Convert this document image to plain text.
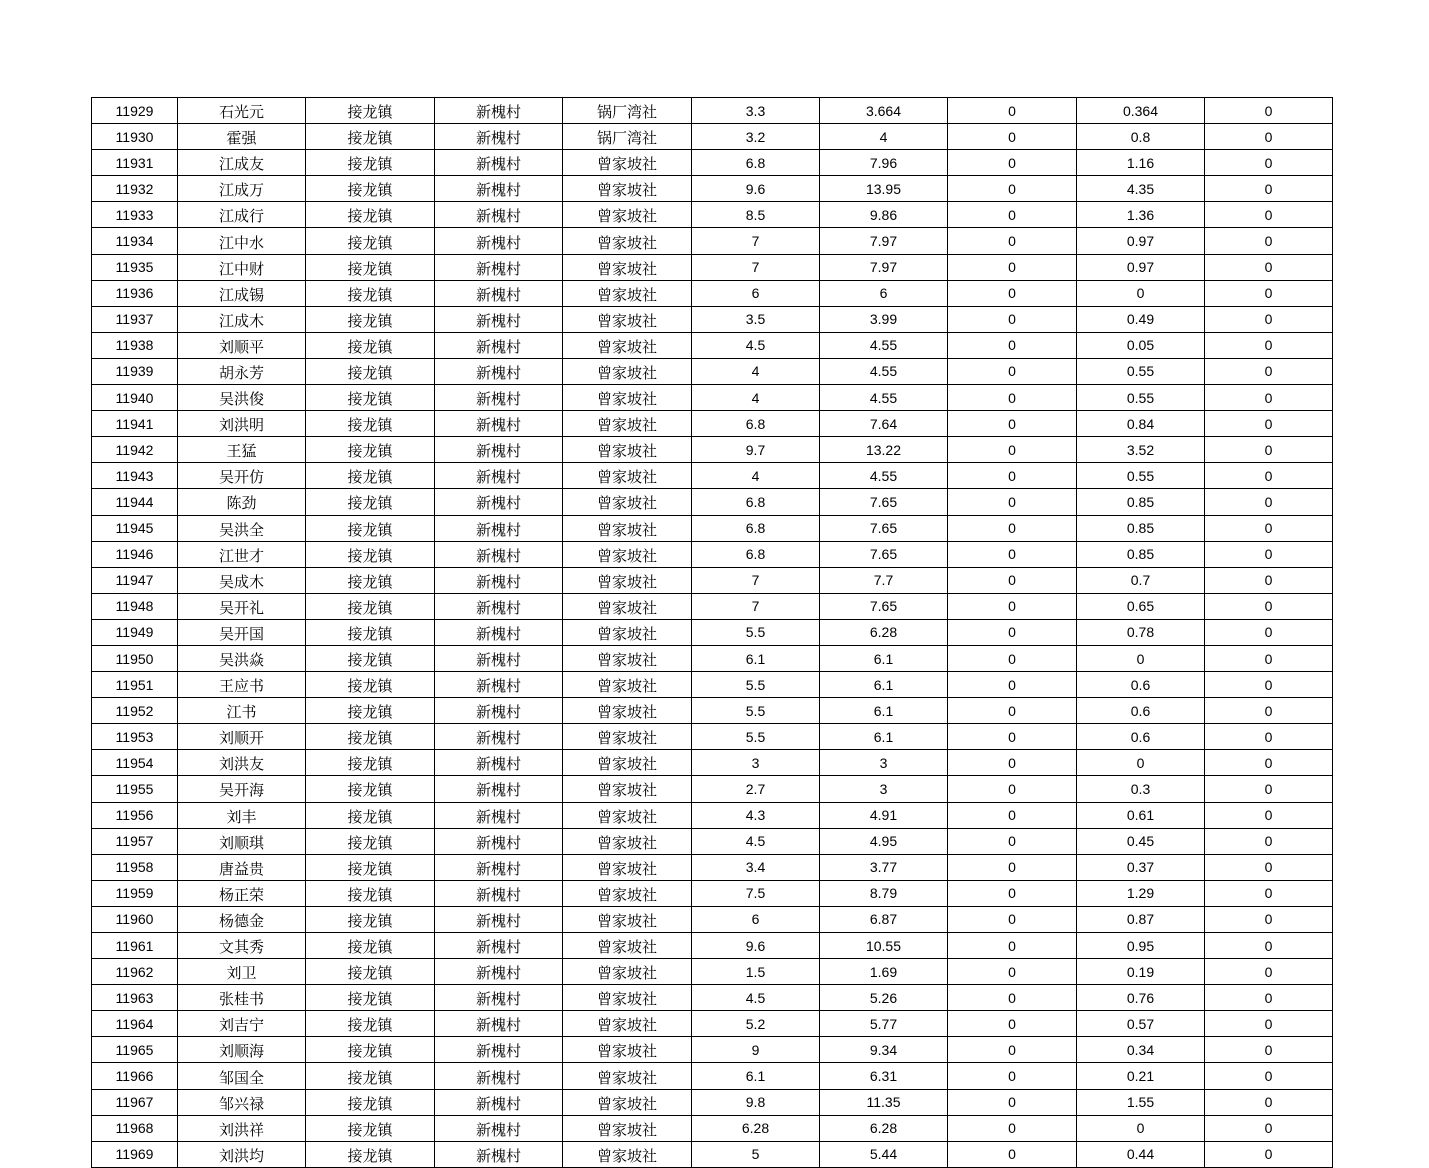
11929	石光元	接龙镇	新槐村	锅厂湾社	3.3	3.664	0	0.364	0
11930	霍强	接龙镇	新槐村	锅厂湾社	3.2	4	0	0.8	0
11931	江成友	接龙镇	新槐村	曾家坡社	6.8	7.96	0	1.16	0
11932	江成万	接龙镇	新槐村	曾家坡社	9.6	13.95	0	4.35	0
11933	江成行	接龙镇	新槐村	曾家坡社	8.5	9.86	0	1.36	0
11934	江中水	接龙镇	新槐村	曾家坡社	7	7.97	0	0.97	0
11935	江中财	接龙镇	新槐村	曾家坡社	7	7.97	0	0.97	0
11936	江成锡	接龙镇	新槐村	曾家坡社	6	6	0	0	0
11937	江成木	接龙镇	新槐村	曾家坡社	3.5	3.99	0	0.49	0
11938	刘顺平	接龙镇	新槐村	曾家坡社	4.5	4.55	0	0.05	0
11939	胡永芳	接龙镇	新槐村	曾家坡社	4	4.55	0	0.55	0
11940	吴洪俊	接龙镇	新槐村	曾家坡社	4	4.55	0	0.55	0
11941	刘洪明	接龙镇	新槐村	曾家坡社	6.8	7.64	0	0.84	0
11942	王猛	接龙镇	新槐村	曾家坡社	9.7	13.22	0	3.52	0
11943	吴开仿	接龙镇	新槐村	曾家坡社	4	4.55	0	0.55	0
11944	陈劲	接龙镇	新槐村	曾家坡社	6.8	7.65	0	0.85	0
11945	吴洪全	接龙镇	新槐村	曾家坡社	6.8	7.65	0	0.85	0
11946	江世才	接龙镇	新槐村	曾家坡社	6.8	7.65	0	0.85	0
11947	吴成木	接龙镇	新槐村	曾家坡社	7	7.7	0	0.7	0
11948	吴开礼	接龙镇	新槐村	曾家坡社	7	7.65	0	0.65	0
11949	吴开国	接龙镇	新槐村	曾家坡社	5.5	6.28	0	0.78	0
11950	吴洪焱	接龙镇	新槐村	曾家坡社	6.1	6.1	0	0	0
11951	王应书	接龙镇	新槐村	曾家坡社	5.5	6.1	0	0.6	0
11952	江书	接龙镇	新槐村	曾家坡社	5.5	6.1	0	0.6	0
11953	刘顺开	接龙镇	新槐村	曾家坡社	5.5	6.1	0	0.6	0
11954	刘洪友	接龙镇	新槐村	曾家坡社	3	3	0	0	0
11955	吴开海	接龙镇	新槐村	曾家坡社	2.7	3	0	0.3	0
11956	刘丰	接龙镇	新槐村	曾家坡社	4.3	4.91	0	0.61	0
11957	刘顺琪	接龙镇	新槐村	曾家坡社	4.5	4.95	0	0.45	0
11958	唐益贵	接龙镇	新槐村	曾家坡社	3.4	3.77	0	0.37	0
11959	杨正荣	接龙镇	新槐村	曾家坡社	7.5	8.79	0	1.29	0
11960	杨德金	接龙镇	新槐村	曾家坡社	6	6.87	0	0.87	0
11961	文其秀	接龙镇	新槐村	曾家坡社	9.6	10.55	0	0.95	0
11962	刘卫	接龙镇	新槐村	曾家坡社	1.5	1.69	0	0.19	0
11963	张桂书	接龙镇	新槐村	曾家坡社	4.5	5.26	0	0.76	0
11964	刘吉宁	接龙镇	新槐村	曾家坡社	5.2	5.77	0	0.57	0
11965	刘顺海	接龙镇	新槐村	曾家坡社	9	9.34	0	0.34	0
11966	邹国全	接龙镇	新槐村	曾家坡社	6.1	6.31	0	0.21	0
11967	邹兴禄	接龙镇	新槐村	曾家坡社	9.8	11.35	0	1.55	0
11968	刘洪祥	接龙镇	新槐村	曾家坡社	6.28	6.28	0	0	0
11969	刘洪均	接龙镇	新槐村	曾家坡社	5	5.44	0	0.44	0
